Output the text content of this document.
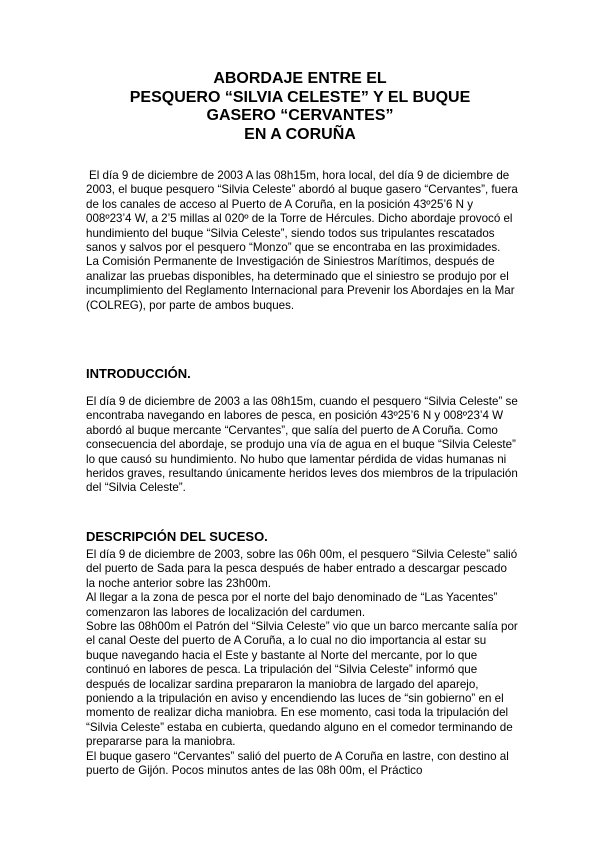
ABORDAJE ENTRE EL
PESQUERO “SILVIA CELESTE” Y EL BUQUE
GASERO “CERVANTES”
EN A CORUÑA

El día 9 de diciembre de 2003 A las 08h15m, hora local, del día 9 de diciembre de 2003, el buque pesquero “Silvia Celeste” abordó al buque gasero “Cervantes”, fuera de los canales de acceso al Puerto de A Coruña, en la posición 43º25’6 N y 008º23’4 W, a 2’5 millas al 020º de la Torre de Hércules. Dicho abordaje provocó el hundimiento del buque “Silvia Celeste”, siendo todos sus tripulantes rescatados sanos y salvos por el pesquero “Monzo” que se encontraba en las proximidades.

La Comisión Permanente de Investigación de Siniestros Marítimos, después de analizar las pruebas disponibles, ha determinado que el siniestro se produjo por el incumplimiento del Reglamento Internacional para Prevenir los Abordajes en la Mar (COLREG), por parte de ambos buques.

INTRODUCCIÓN.

El día 9 de diciembre de 2003 a las 08h15m, cuando el pesquero “Silvia Celeste” se encontraba navegando en labores de pesca, en posición 43º25’6 N y 008º23’4 W abordó al buque mercante “Cervantes”, que salía del puerto de A Coruña. Como consecuencia del abordaje, se produjo una vía de agua en el buque “Silvia Celeste” lo que causó su hundimiento. No hubo que lamentar pérdida de vidas humanas ni heridos graves, resultando únicamente heridos leves dos miembros de la tripulación del “Silvia Celeste”.

DESCRIPCIÓN DEL SUCESO.

El día 9 de diciembre de 2003, sobre las 06h 00m, el pesquero “Silvia Celeste” salió del puerto de Sada para la pesca después de haber entrado a descargar pescado la noche anterior sobre las 23h00m.

Al llegar a la zona de pesca por el norte del bajo denominado de “Las Yacentes” comenzaron las labores de localización del cardumen.

Sobre las 08h00m el Patrón del “Silvia Celeste” vio que un barco mercante salía por el canal Oeste del puerto de A Coruña, a lo cual no dio importancia al estar su buque navegando hacia el Este y bastante al Norte del mercante, por lo que continuó en labores de pesca. La tripulación del “Silvia Celeste” informó que después de localizar sardina prepararon la maniobra de largado del aparejo, poniendo a la tripulación en aviso y encendiendo las luces de “sin gobierno” en el momento de realizar dicha maniobra. En ese momento, casi toda la tripulación del “Silvia Celeste” estaba en cubierta, quedando alguno en el comedor terminando de prepararse para la maniobra.

El buque gasero “Cervantes” salió del puerto de A Coruña en lastre, con destino al puerto de Gijón. Pocos minutos antes de las 08h 00m, el Práctico
